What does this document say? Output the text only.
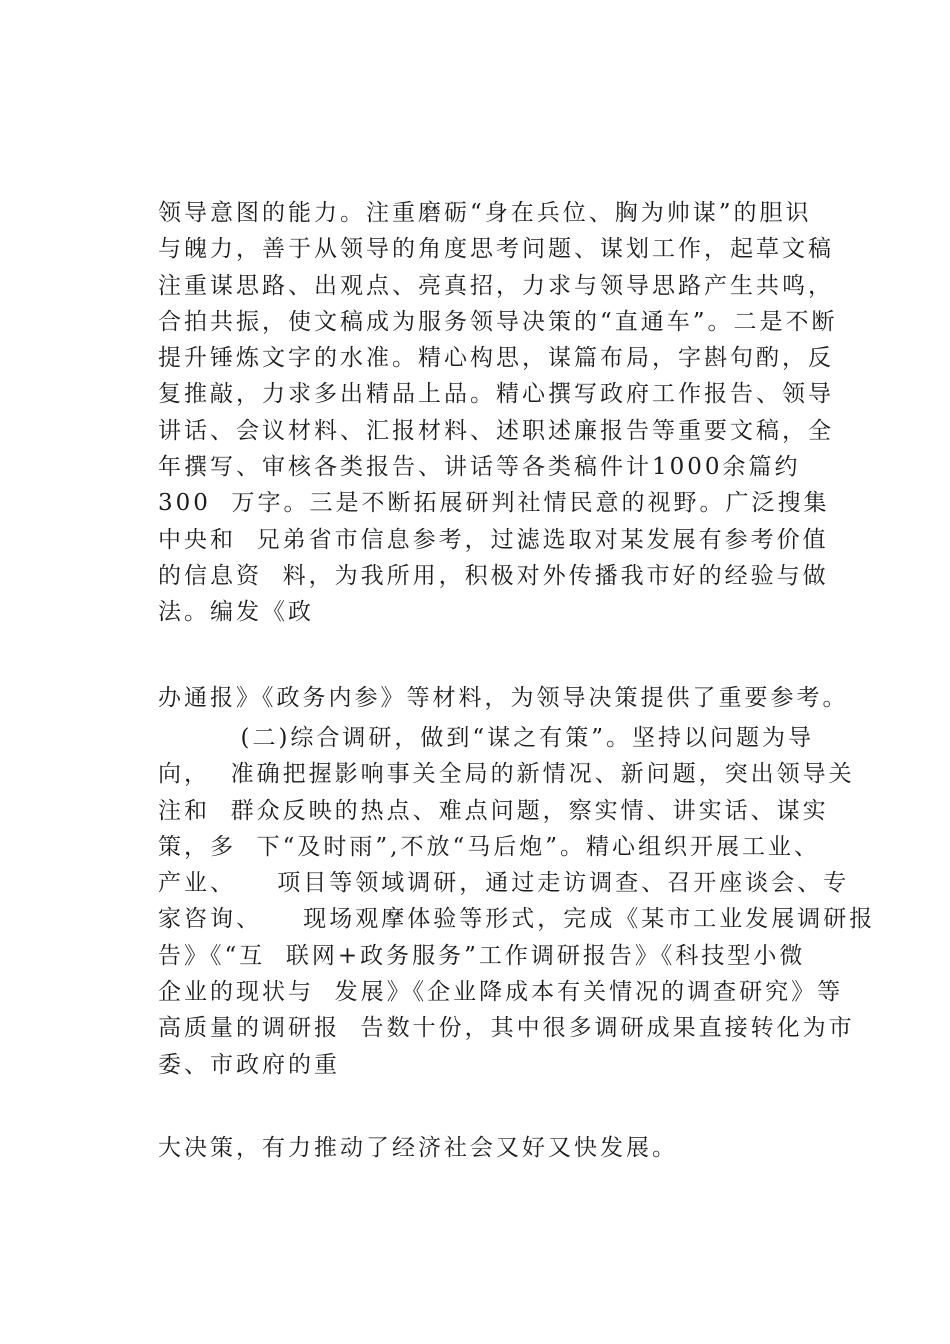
领导意图的能力。注重磨砺“身在兵位、胸为帅谋”的胆识
与魄力，善于从领导的角度思考问题、谋划工作，起草文稿
注重谋思路、出观点、亮真招，力求与领导思路产生共鸣，
合拍共振，使文稿成为服务领导决策的“直通车”。二是不断
提升锤炼文字的水准。精心构思，谋篇布局，字斟句酌，反
复推敲，力求多出精品上品。精心撰写政府工作报告、领导
讲话、会议材料、汇报材料、述职述廉报告等重要文稿，全
年撰写、审核各类报告、讲话等各类稿件计1000余篇约
300  万字。三是不断拓展研判社情民意的视野。广泛搜集
中央和  兄弟省市信息参考，过滤选取对某发展有参考价值
的信息资  料，为我所用，积极对外传播我市好的经验与做
法。编发《政

办通报》《政务内参》等材料，为领导决策提供了重要参考。

(二)综合调研，做到“谋之有策”。坚持以问题为导
向，  准确把握影响事关全局的新情况、新问题，突出领导关
注和  群众反映的热点、难点问题，察实情、讲实话、谋实
策，多  下“及时雨”,不放“马后炮”。精心组织开展工业、
产业、    项目等领域调研，通过走访调查、召开座谈会、专
家咨询、    现场观摩体验等形式，完成《某市工业发展调研报
告》《“互  联网+政务服务”工作调研报告》《科技型小微
企业的现状与  发展》《企业降成本有关情况的调查研究》等
高质量的调研报  告数十份，其中很多调研成果直接转化为市
委、市政府的重

大决策，有力推动了经济社会又好又快发展。
